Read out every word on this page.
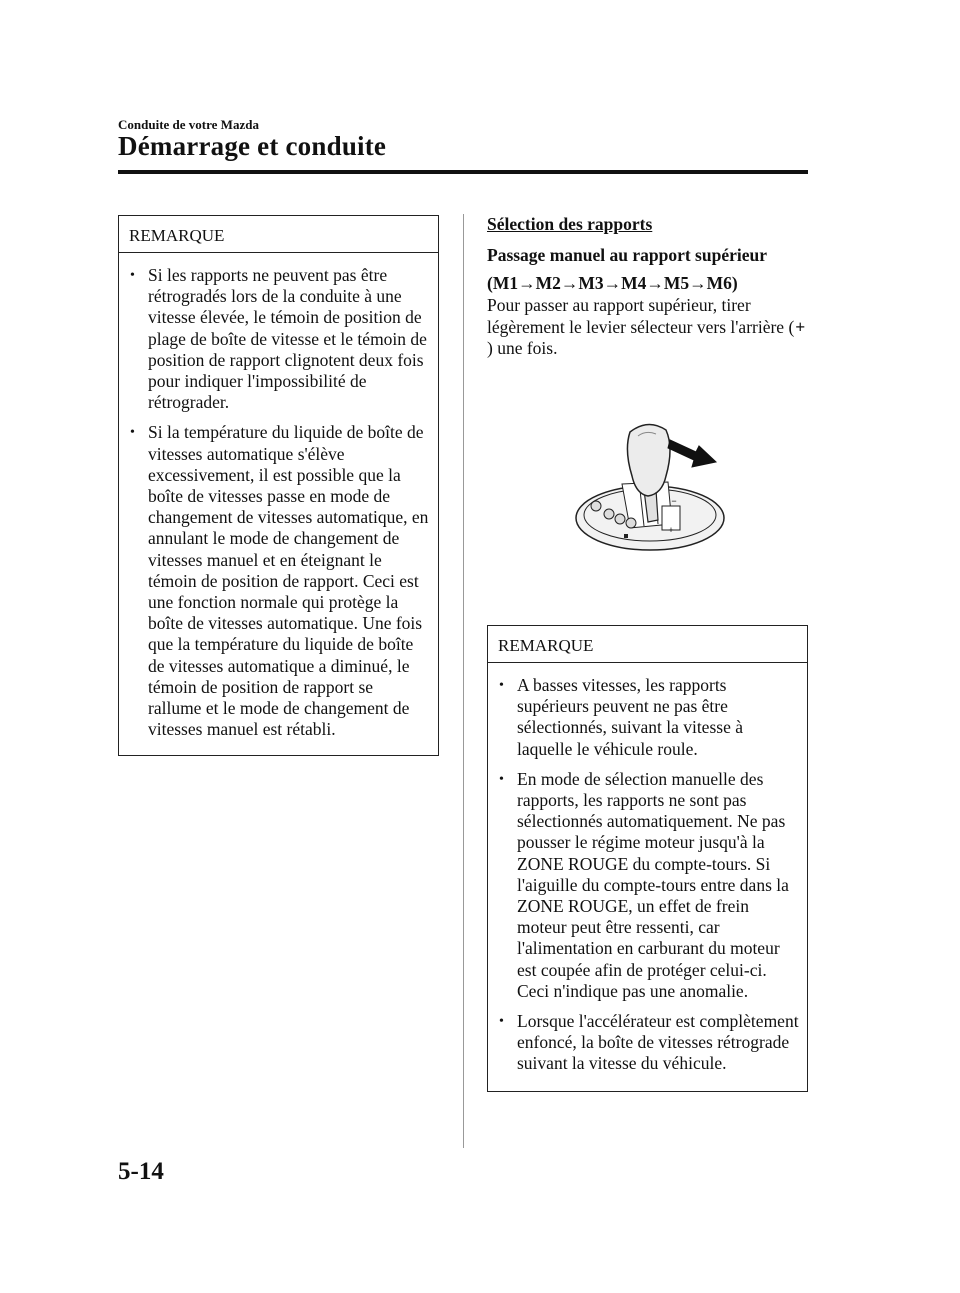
Conduite de votre Mazda
Démarrage et conduite
REMARQUE
• Si les rapports ne peuvent pas être rétrogradés lors de la conduite à une vitesse élevée, le témoin de position de plage de boîte de vitesse et le témoin de position de rapport clignotent deux fois pour indiquer l'impossibilité de rétrograder.
• Si la température du liquide de boîte de vitesses automatique s'élève excessivement, il est possible que la boîte de vitesses passe en mode de changement de vitesses automatique, en annulant le mode de changement de vitesses manuel et en éteignant le témoin de position de rapport. Ceci est une fonction normale qui protège la boîte de vitesses automatique. Une fois que la température du liquide de boîte de vitesses automatique a diminué, le témoin de position de rapport se rallume et le mode de changement de vitesses manuel est rétabli.
Sélection des rapports
Passage manuel au rapport supérieur
(M1→M2→M3→M4→M5→M6)
Pour passer au rapport supérieur, tirer légèrement le levier sélecteur vers l'arrière (+ ) une fois.
+
−
REMARQUE
• A basses vitesses, les rapports supérieurs peuvent ne pas être sélectionnés, suivant la vitesse à laquelle le véhicule roule.
• En mode de sélection manuelle des rapports, les rapports ne sont pas sélectionnés automatiquement. Ne pas pousser le régime moteur jusqu'à la ZONE ROUGE du compte-tours. Si l'aiguille du compte-tours entre dans la ZONE ROUGE, un effet de frein moteur peut être ressenti, car l'alimentation en carburant du moteur est coupée afin de protéger celui-ci. Ceci n'indique pas une anomalie.
• Lorsque l'accélérateur est complètement enfoncé, la boîte de vitesses rétrograde suivant la vitesse du véhicule.
5-14
